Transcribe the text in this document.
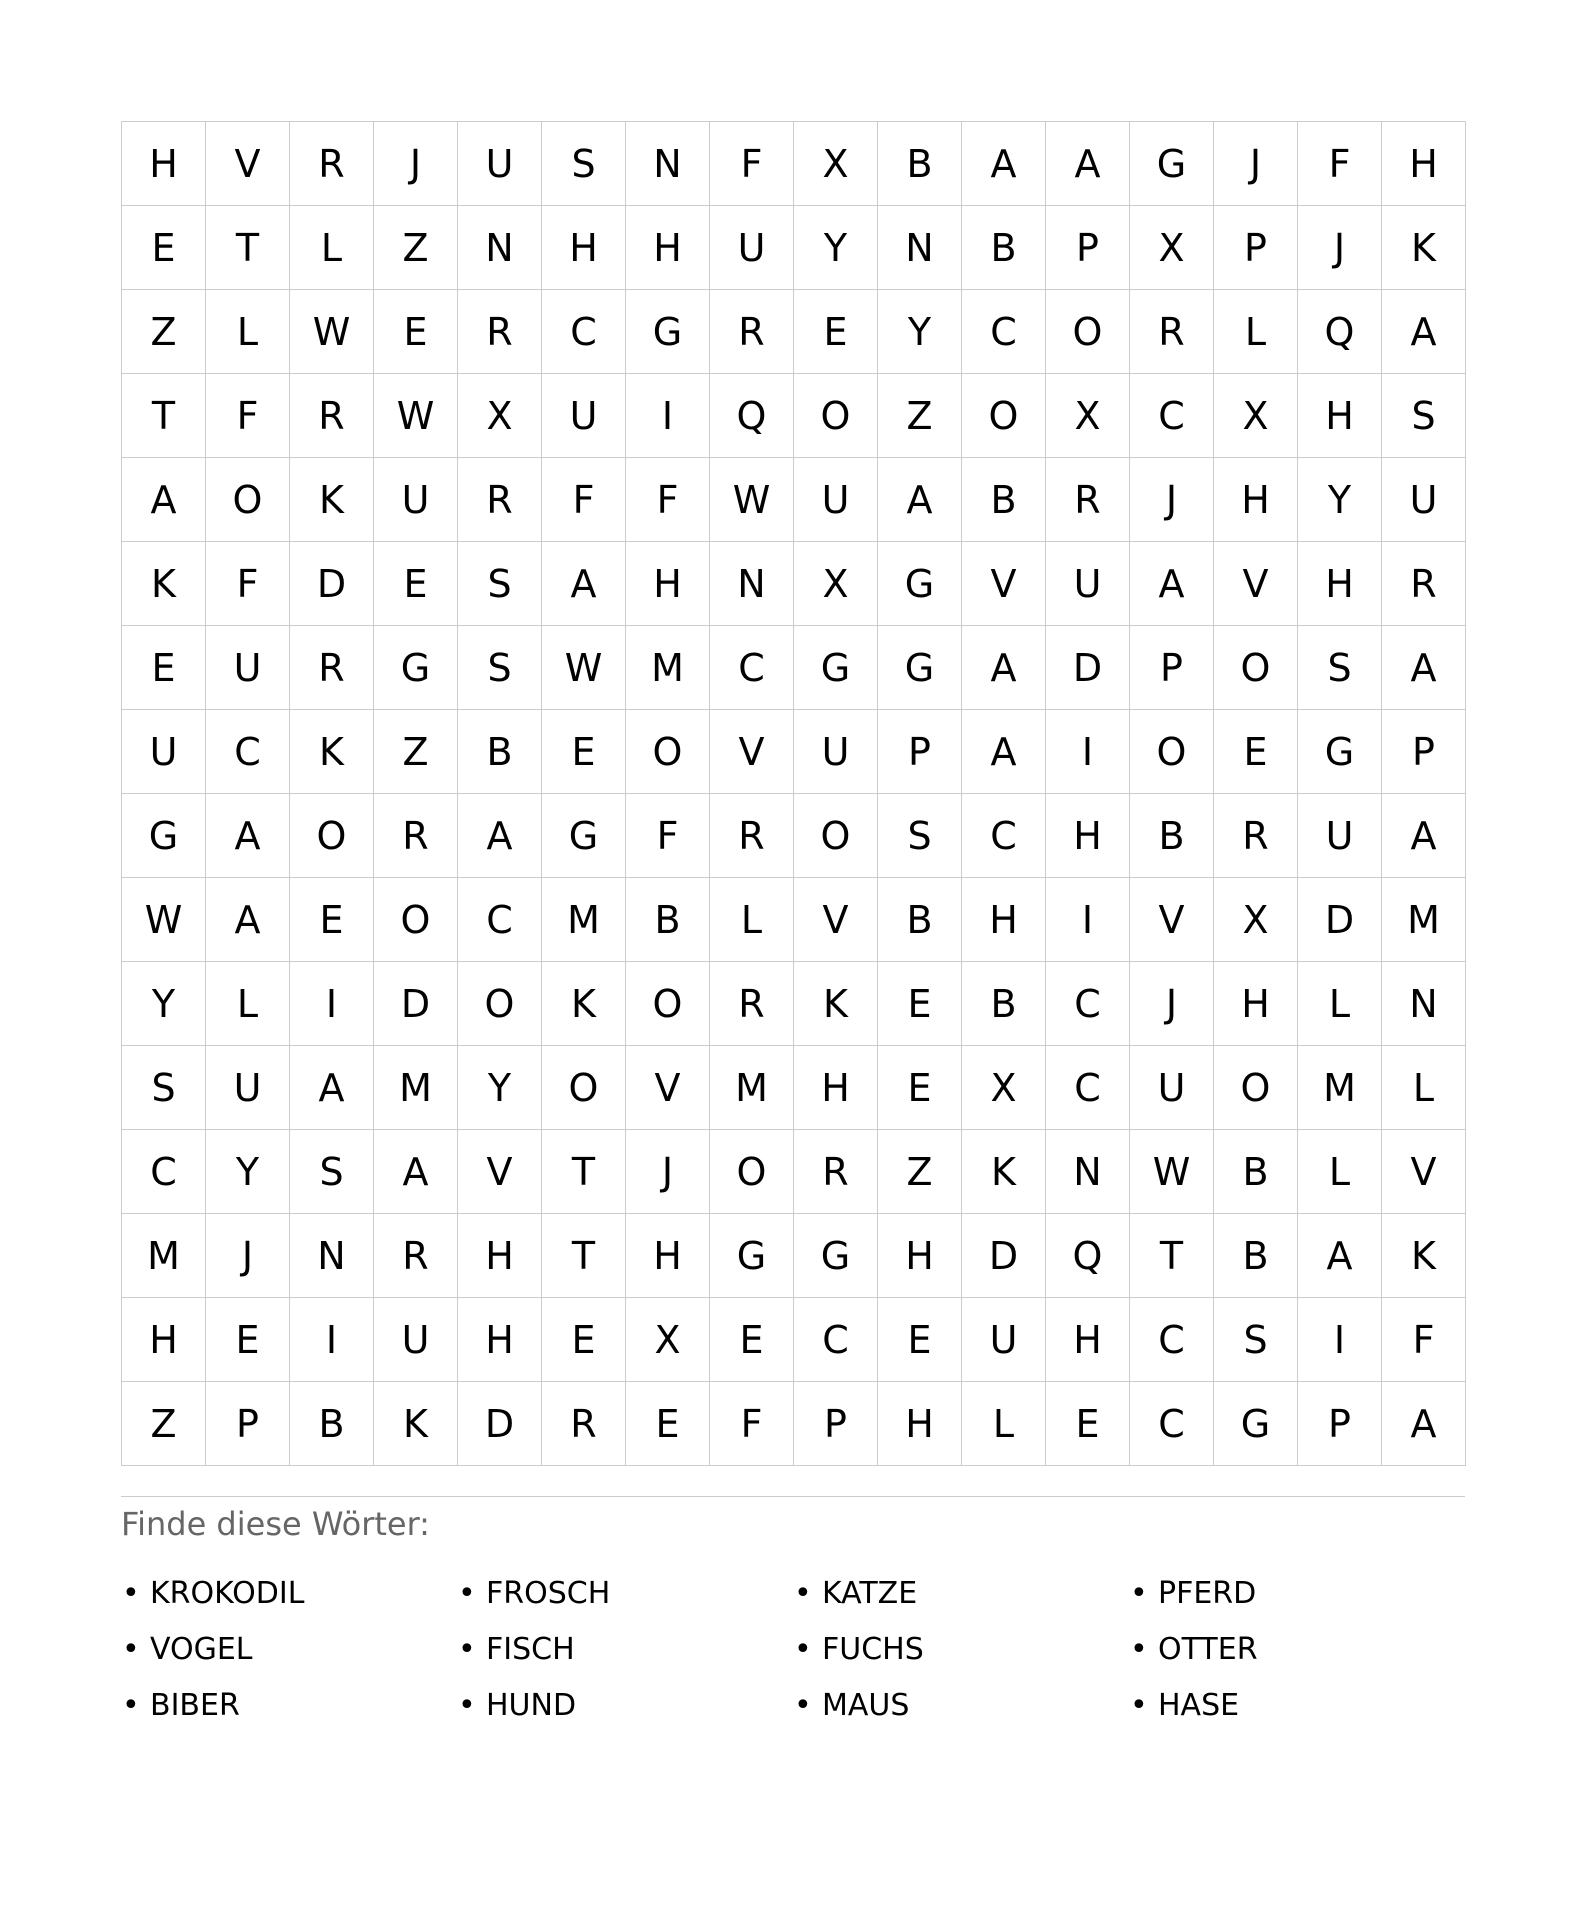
H	V	R	J	U	S	N	F	X	B	A	A	G	J	F	H
E	T	L	Z	N	H	H	U	Y	N	B	P	X	P	J	K
Z	L	W	E	R	C	G	R	E	Y	C	O	R	L	Q	A
T	F	R	W	X	U	I	Q	O	Z	O	X	C	X	H	S
A	O	K	U	R	F	F	W	U	A	B	R	J	H	Y	U
K	F	D	E	S	A	H	N	X	G	V	U	A	V	H	R
E	U	R	G	S	W	M	C	G	G	A	D	P	O	S	A
U	C	K	Z	B	E	O	V	U	P	A	I	O	E	G	P
G	A	O	R	A	G	F	R	O	S	C	H	B	R	U	A
W	A	E	O	C	M	B	L	V	B	H	I	V	X	D	M
Y	L	I	D	O	K	O	R	K	E	B	C	J	H	L	N
S	U	A	M	Y	O	V	M	H	E	X	C	U	O	M	L
C	Y	S	A	V	T	J	O	R	Z	K	N	W	B	L	V
M	J	N	R	H	T	H	G	G	H	D	Q	T	B	A	K
H	E	I	U	H	E	X	E	C	E	U	H	C	S	I	F
Z	P	B	K	D	R	E	F	P	H	L	E	C	G	P	A
Finde diese Wörter:
• KROKODIL	• FROSCH	• KATZE	• PFERD
• VOGEL	• FISCH	• FUCHS	• OTTER
• BIBER	• HUND	• MAUS	• HASE
